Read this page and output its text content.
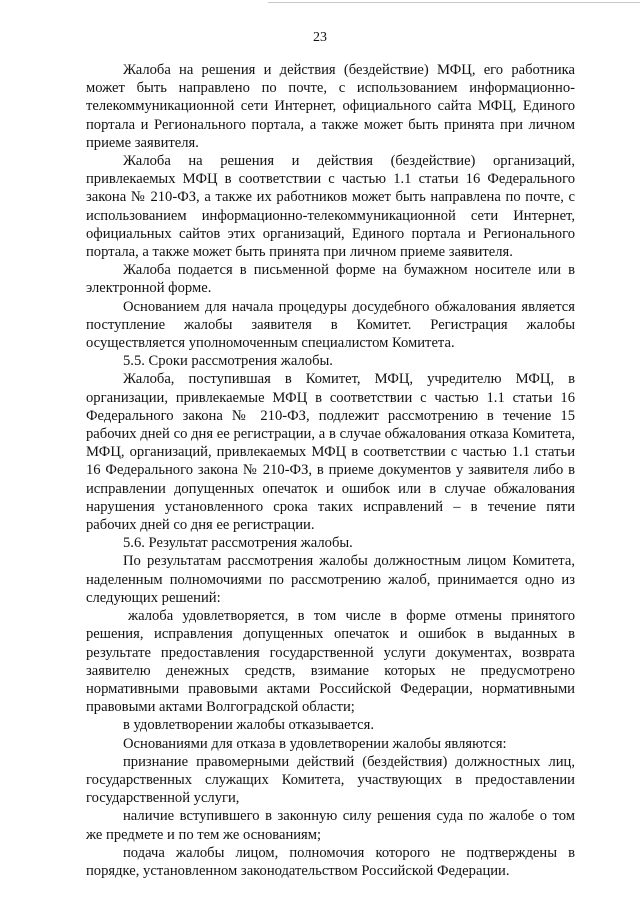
23

Жалоба на решения и действия (бездействие) МФЦ, его работника может быть направлено по почте, с использованием информационно-телекоммуникационной сети Интернет, официального сайта МФЦ, Единого портала и Регионального портала, а также может быть принята при личном приеме заявителя.

Жалоба на решения и действия (бездействие) организаций, привлекаемых МФЦ в соответствии с частью 1.1 статьи 16 Федерального закона № 210-ФЗ, а также их работников может быть направлена по почте, с использованием информационно-телекоммуникационной сети Интернет, официальных сайтов этих организаций, Единого портала и Регионального портала, а также может быть принята при личном приеме заявителя.

Жалоба подается в письменной форме на бумажном носителе или в электронной форме.

Основанием для начала процедуры досудебного обжалования является поступление жалобы заявителя в Комитет. Регистрация жалобы осуществляется уполномоченным специалистом Комитета.

5.5. Сроки рассмотрения жалобы.

Жалоба, поступившая в Комитет, МФЦ, учредителю МФЦ, в организации, привлекаемые МФЦ в соответствии с частью 1.1 статьи 16 Федерального закона № 210-ФЗ, подлежит рассмотрению в течение 15 рабочих дней со дня ее регистрации, а в случае обжалования отказа Комитета, МФЦ, организаций, привлекаемых МФЦ в соответствии с частью 1.1 статьи 16 Федерального закона № 210-ФЗ, в приеме документов у заявителя либо в исправлении допущенных опечаток и ошибок или в случае обжалования нарушения установленного срока таких исправлений – в течение пяти рабочих дней со дня ее регистрации.

5.6. Результат рассмотрения жалобы.

По результатам рассмотрения жалобы должностным лицом Комитета, наделенным полномочиями по рассмотрению жалоб, принимается одно из следующих решений:

жалоба удовлетворяется, в том числе в форме отмены принятого решения, исправления допущенных опечаток и ошибок в выданных в результате предоставления государственной услуги документах, возврата заявителю денежных средств, взимание которых не предусмотрено нормативными правовыми актами Российской Федерации, нормативными правовыми актами Волгоградской области;

в удовлетворении жалобы отказывается.

Основаниями для отказа в удовлетворении жалобы являются:

признание правомерными действий (бездействия) должностных лиц, государственных служащих Комитета, участвующих в предоставлении государственной услуги,

наличие вступившего в законную силу решения суда по жалобе о том же предмете и по тем же основаниям;

подача жалобы лицом, полномочия которого не подтверждены в порядке, установленном законодательством Российской Федерации.
